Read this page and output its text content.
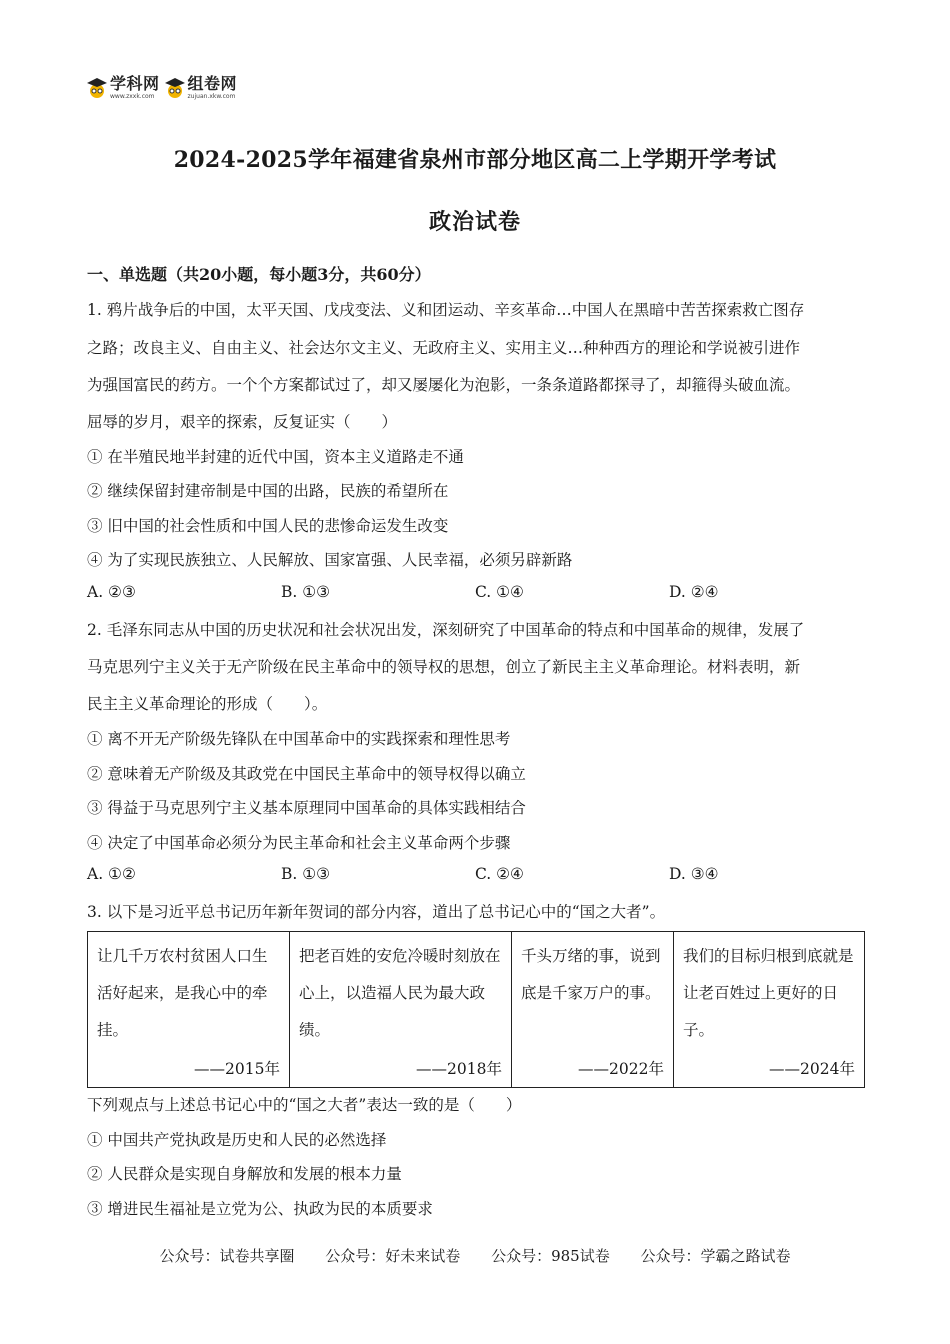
学科网
www.zxxk.com
组卷网
zujuan.xkw.com
2024-2025学年福建省泉州市部分地区高二上学期开学考试
政治试卷
一、单选题（共20小题，每小题3分，共60分）
1. 鸦片战争后的中国，太平天国、戊戌变法、义和团运动、辛亥革命…中国人在黑暗中苦苦探索救亡图存
之路；改良主义、自由主义、社会达尔文主义、无政府主义、实用主义…种种西方的理论和学说被引进作
为强国富民的药方。一个个方案都试过了，却又屡屡化为泡影，一条条道路都探寻了，却箍得头破血流。
屈辱的岁月，艰辛的探索，反复证实（　　）
① 在半殖民地半封建的近代中国，资本主义道路走不通
② 继续保留封建帝制是中国的出路，民族的希望所在
③ 旧中国的社会性质和中国人民的悲惨命运发生改变
④ 为了实现民族独立、人民解放、国家富强、人民幸福，必须另辟新路
A. ②③	B. ①③	C. ①④	D. ②④
2. 毛泽东同志从中国的历史状况和社会状况出发，深刻研究了中国革命的特点和中国革命的规律，发展了
马克思列宁主义关于无产阶级在民主革命中的领导权的思想，创立了新民主主义革命理论。材料表明，新
民主主义革命理论的形成（　　）。
① 离不开无产阶级先锋队在中国革命中的实践探索和理性思考
② 意味着无产阶级及其政党在中国民主革命中的领导权得以确立
③ 得益于马克思列宁主义基本原理同中国革命的具体实践相结合
④ 决定了中国革命必须分为民主革命和社会主义革命两个步骤
A. ①②	B. ①③	C. ②④	D. ③④
3. 以下是习近平总书记历年新年贺词的部分内容，道出了总书记心中的“国之大者”。
让几千万农村贫困人口生活好起来，是我心中的牵挂。
——2015年

把老百姓的安危冷暖时刻放在心上，以造福人民为最大政绩。
——2018年

千头万绪的事，说到底是千家万户的事。
——2022年

我们的目标归根到底就是让老百姓过上更好的日子。
——2024年
下列观点与上述总书记心中的“国之大者”表达一致的是（　　）
① 中国共产党执政是历史和人民的必然选择
② 人民群众是实现自身解放和发展的根本力量
③ 增进民生福祉是立党为公、执政为民的本质要求
公众号：试卷共享圈 公众号：好未来试卷 公众号：985试卷 公众号：学霸之路试卷
